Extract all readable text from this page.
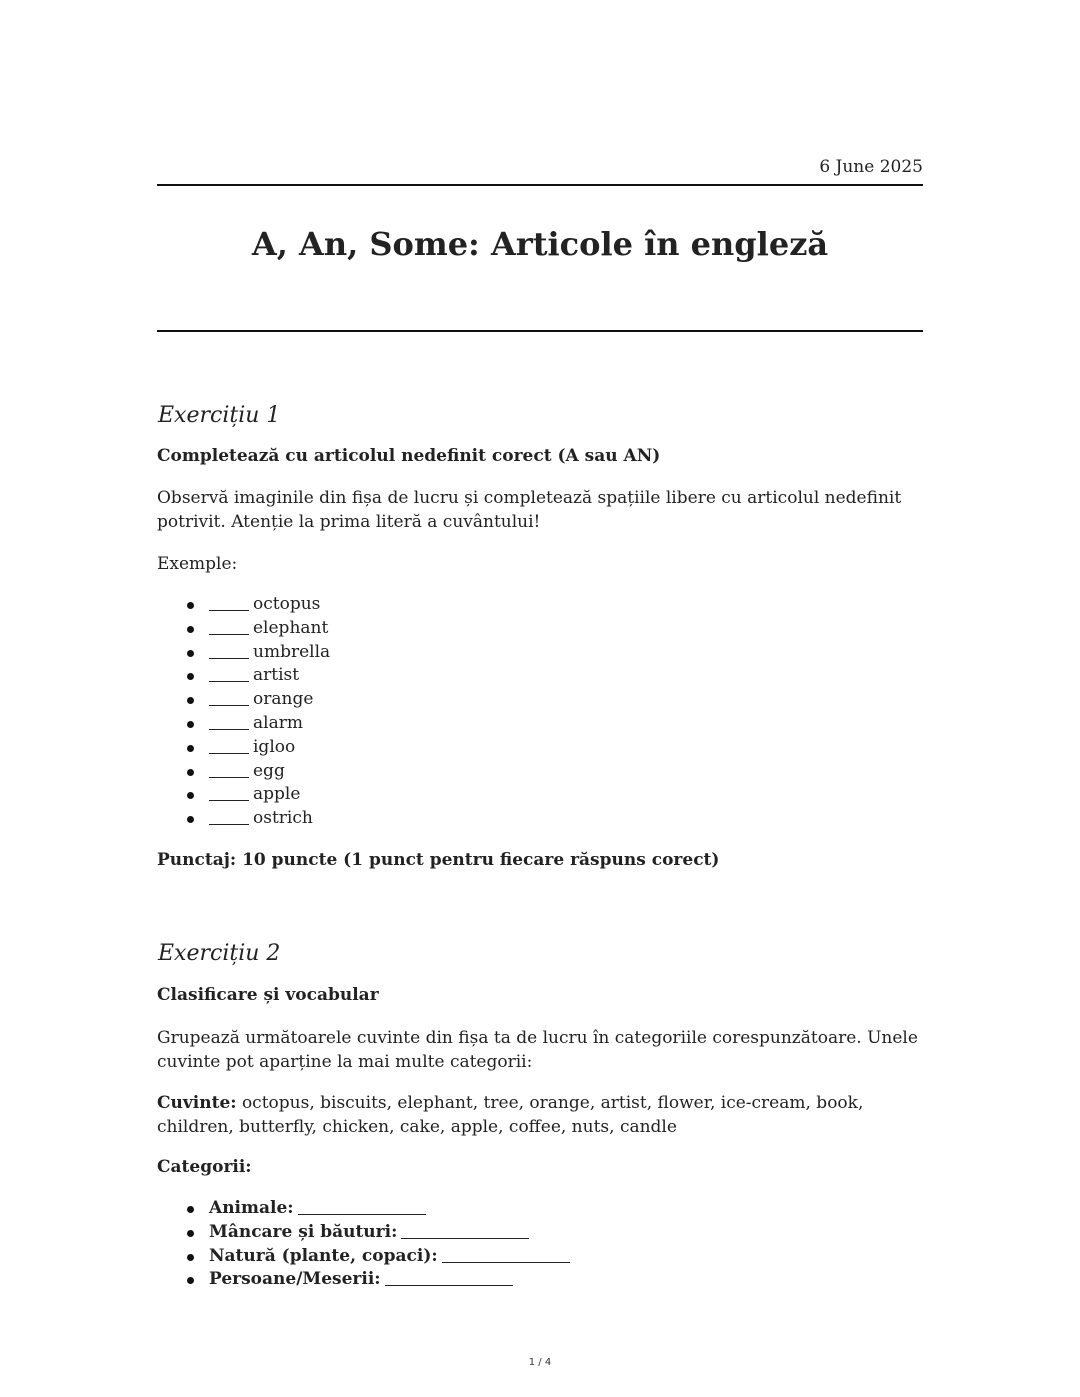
6 June 2025
A, An, Some: Articole în engleză
Exercițiu 1

Completează cu articolul nedefinit corect (A sau AN)

Observă imaginile din fișa de lucru și completează spațiile libere cu articolul nedefinit potrivit. Atenție la prima literă a cuvântului!

Exemple:

octopus
elephant
umbrella
artist
orange
alarm
igloo
egg
apple
ostrich

Punctaj: 10 puncte (1 punct pentru fiecare răspuns corect)

Exercițiu 2

Clasificare și vocabular

Grupează următoarele cuvinte din fișa ta de lucru în categoriile corespunzătoare. Unele cuvinte pot aparține la mai multe categorii:

Cuvinte: octopus, biscuits, elephant, tree, orange, artist, flower, ice-cream, book, children, butterfly, chicken, cake, apple, coffee, nuts, candle

Categorii:

Animale:
Mâncare și băuturi:
Natură (plante, copaci):
Persoane/Meserii:
1 / 4
